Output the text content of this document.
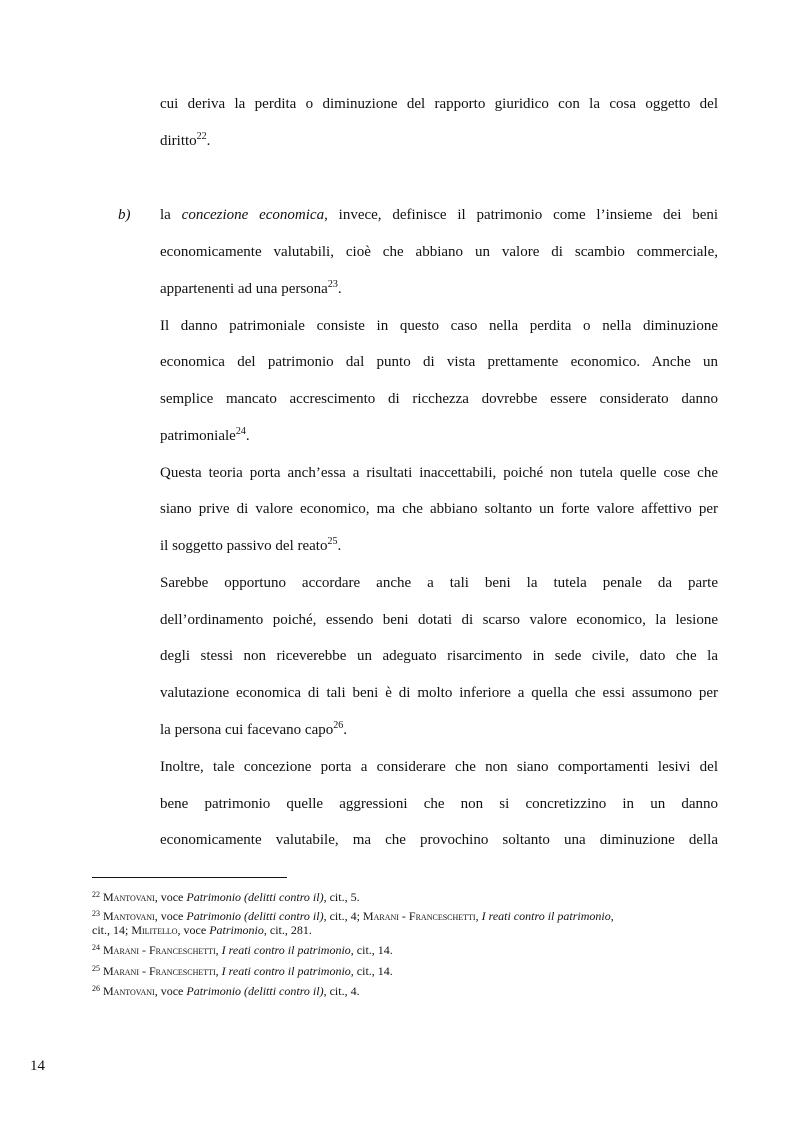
cui deriva la perdita o diminuzione del rapporto giuridico con la cosa oggetto del
diritto$^{22}$.
b) la concezione economica, invece, definisce il patrimonio come l’insieme dei beni
economicamente valutabili, cioè che abbiano un valore di scambio commerciale,
appartenenti ad una persona$^{23}$.
Il danno patrimoniale consiste in questo caso nella perdita o nella diminuzione
economica del patrimonio dal punto di vista prettamente economico. Anche un
semplice mancato accrescimento di ricchezza dovrebbe essere considerato danno
patrimoniale$^{24}$.
Questa teoria porta anch’essa a risultati inaccettabili, poiché non tutela quelle cose che
siano prive di valore economico, ma che abbiano soltanto un forte valore affettivo per
il soggetto passivo del reato$^{25}$.
Sarebbe opportuno accordare anche a tali beni la tutela penale da parte
dell’ordinamento poiché, essendo beni dotati di scarso valore economico, la lesione
degli stessi non riceverebbe un adeguato risarcimento in sede civile, dato che la
valutazione economica di tali beni è di molto inferiore a quella che essi assumono per
la persona cui facevano capo$^{26}$.
Inoltre, tale concezione porta a considerare che non siano comportamenti lesivi del
bene patrimonio quelle aggressioni che non si concretizzino in un danno
economicamente valutabile, ma che provochino soltanto una diminuzione della
$^{22}$ Mantovani, voce Patrimonio (delitti contro il), cit., 5.
$^{23}$ Mantovani, voce Patrimonio (delitti contro il), cit., 4; Marani - Franceschetti, I reati contro il patrimonio,
cit., 14; Militello, voce Patrimonio, cit., 281.
$^{24}$ Marani - Franceschetti, I reati contro il patrimonio, cit., 14.
$^{25}$ Marani - Franceschetti, I reati contro il patrimonio, cit., 14.
$^{26}$ Mantovani, voce Patrimonio (delitti contro il), cit., 4.
14
